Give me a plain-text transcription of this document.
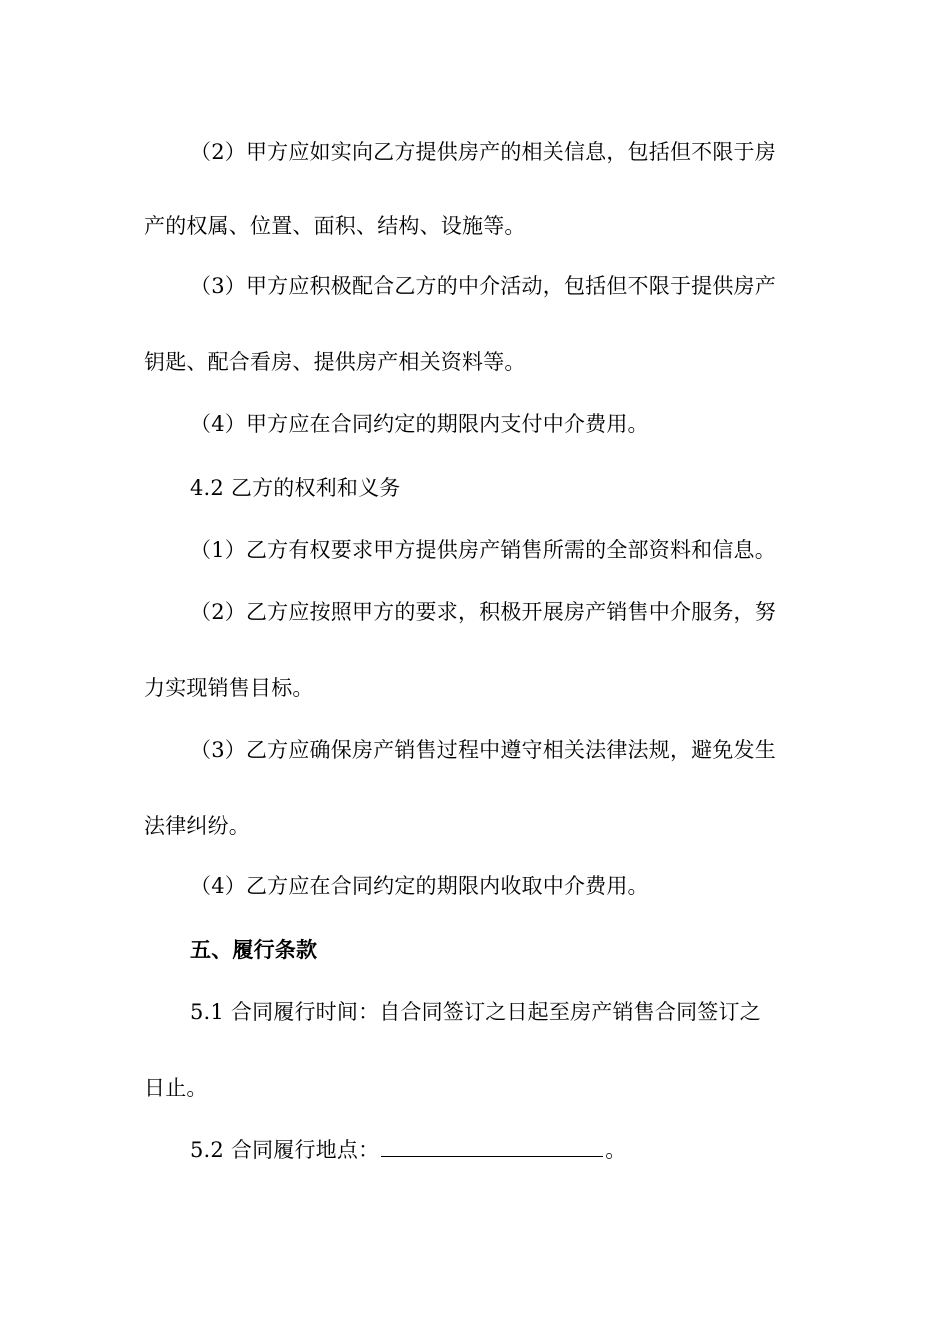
（2）甲方应如实向乙方提供房产的相关信息，包括但不限于房
产的权属、位置、面积、结构、设施等。
（3）甲方应积极配合乙方的中介活动，包括但不限于提供房产
钥匙、配合看房、提供房产相关资料等。
（4）甲方应在合同约定的期限内支付中介费用。
4.2 乙方的权利和义务
（1）乙方有权要求甲方提供房产销售所需的全部资料和信息。
（2）乙方应按照甲方的要求，积极开展房产销售中介服务，努
力实现销售目标。
（3）乙方应确保房产销售过程中遵守相关法律法规，避免发生
法律纠纷。
（4）乙方应在合同约定的期限内收取中介费用。
五、履行条款
5.1 合同履行时间：自合同签订之日起至房产销售合同签订之
日止。
5.2 合同履行地点：	。
